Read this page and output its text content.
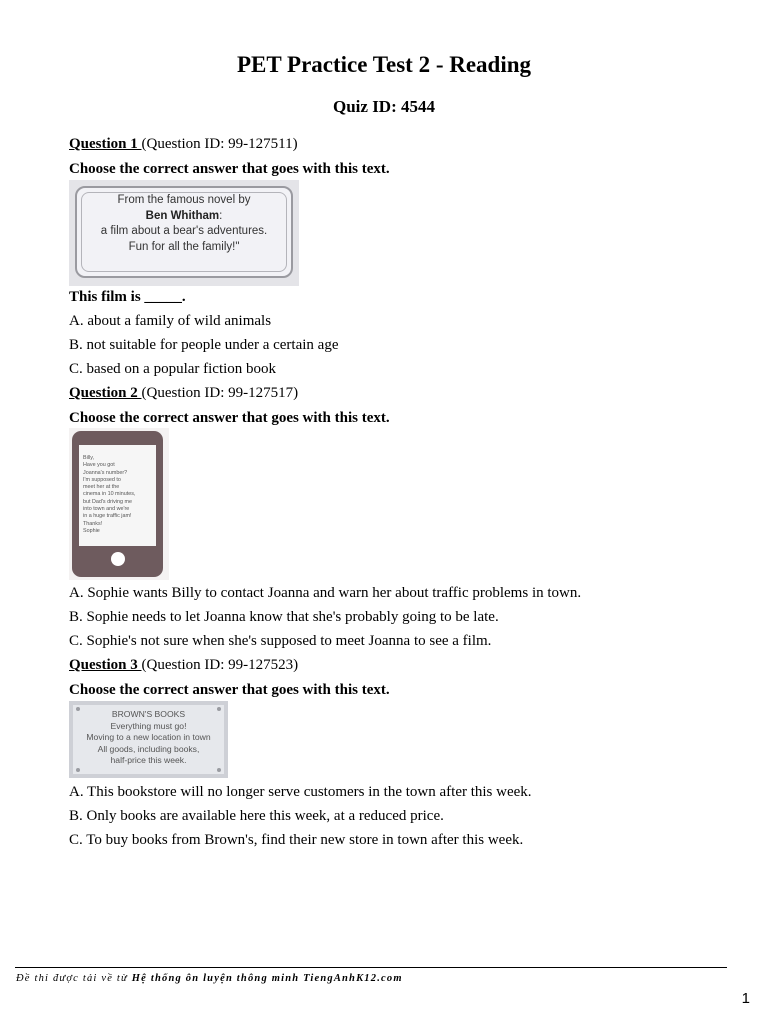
PET Practice Test 2 - Reading
Quiz ID: 4544
Question 1 (Question ID: 99-127511)
Choose the correct answer that goes with this text.
From the famous novel by
Ben Whitham:
a film about a bear's adventures.
Fun for all the family!"
This film is _____.
A. about a family of wild animals
B. not suitable for people under a certain age
C. based on a popular fiction book
Question 2 (Question ID: 99-127517)
Choose the correct answer that goes with this text.
Billy,
Have you got
Joanna's number?
I'm supposed to
meet her at the
cinema in 10 minutes,
but Dad's driving me
into town and we're
in a huge traffic jam!
Thanks!
Sophie
A. Sophie wants Billy to contact Joanna and warn her about traffic problems in town.
B. Sophie needs to let Joanna know that she's probably going to be late.
C. Sophie's not sure when she's supposed to meet Joanna to see a film.
Question 3 (Question ID: 99-127523)
Choose the correct answer that goes with this text.
BROWN'S BOOKS
Everything must go!
Moving to a new location in town
All goods, including books,
half-price this week.
A. This bookstore will no longer serve customers in the town after this week.
B. Only books are available here this week, at a reduced price.
C. To buy books from Brown's, find their new store in town after this week.
Đề thi được tải về từ Hệ thống ôn luyện thông minh TiengAnhK12.com
1
